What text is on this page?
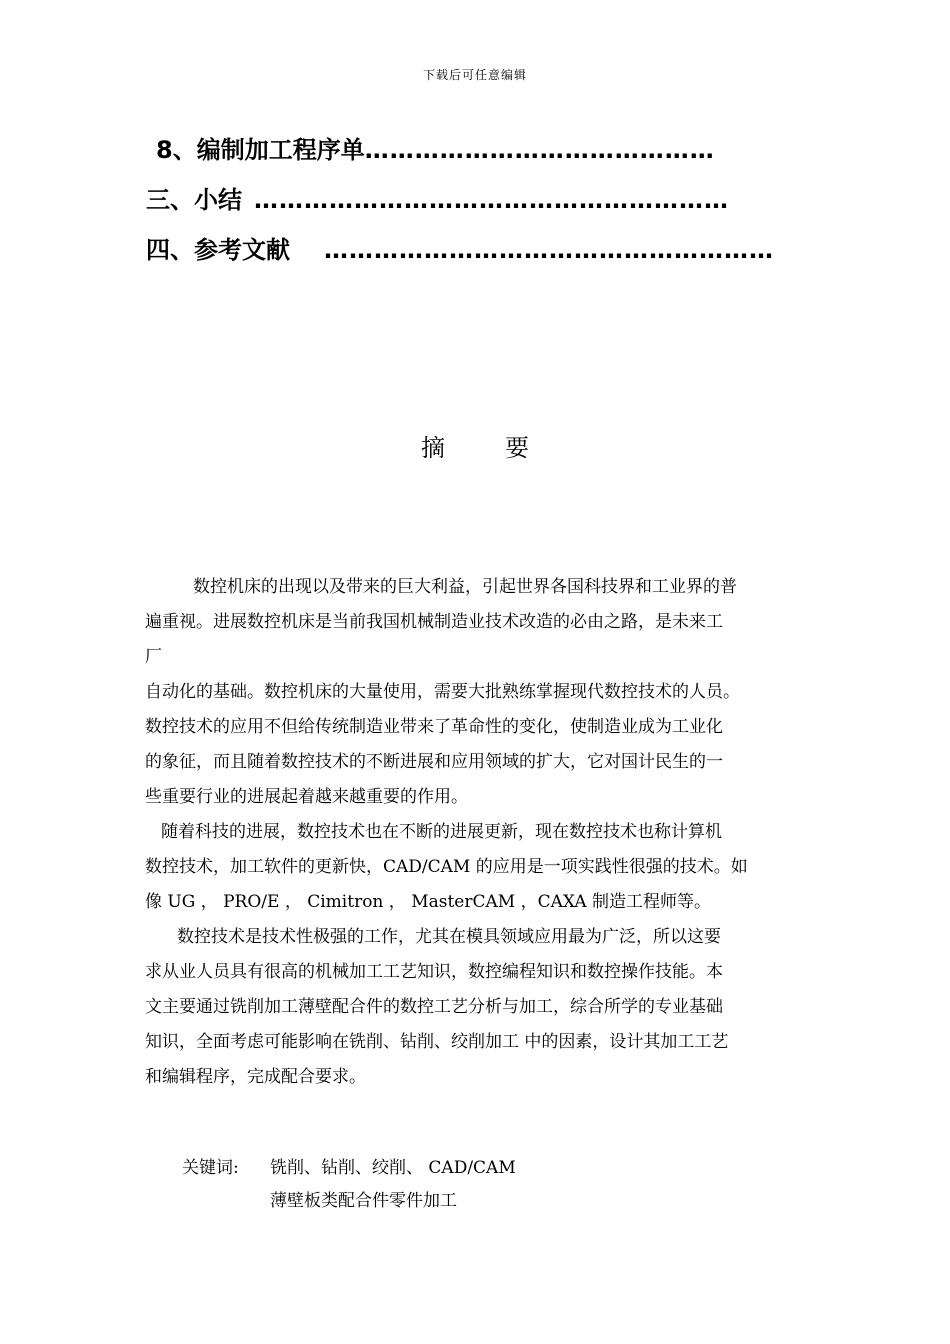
下载后可任意编辑
8、编制加工程序单……………………………………
三、小结 …………………………………………………
四、参考文献 ………………………………………………
摘	要

数控机床的出现以及带来的巨大利益，引起世界各国科技界和工业界的普
遍重视。进展数控机床是当前我国机械制造业技术改造的必由之路，是未来工
厂
自动化的基础。数控机床的大量使用，需要大批熟练掌握现代数控技术的人员。
数控技术的应用不但给传统制造业带来了革命性的变化，使制造业成为工业化
的象征，而且随着数控技术的不断进展和应用领域的扩大，它对国计民生的一
些重要行业的进展起着越来越重要的作用。

随着科技的进展，数控技术也在不断的进展更新，现在数控技术也称计算机
数控技术，加工软件的更新快，CAD/CAM 的应用是一项实践性很强的技术。如
像 UG ， PRO/E ， Cimitron ， MasterCAM ，CAXA 制造工程师等。

数控技术是技术性极强的工作，尤其在模具领域应用最为广泛，所以这要
求从业人员具有很高的机械加工工艺知识，数控编程知识和数控操作技能。本
文主要通过铣削加工薄壁配合件的数控工艺分析与加工，综合所学的专业基础
知识，全面考虑可能影响在铣削、钻削、绞削加工 中的因素，设计其加工工艺
和编辑程序，完成配合要求。

关键词: 铣削、钻削、绞削、 CAD/CAM
薄壁板类配合件零件加工
